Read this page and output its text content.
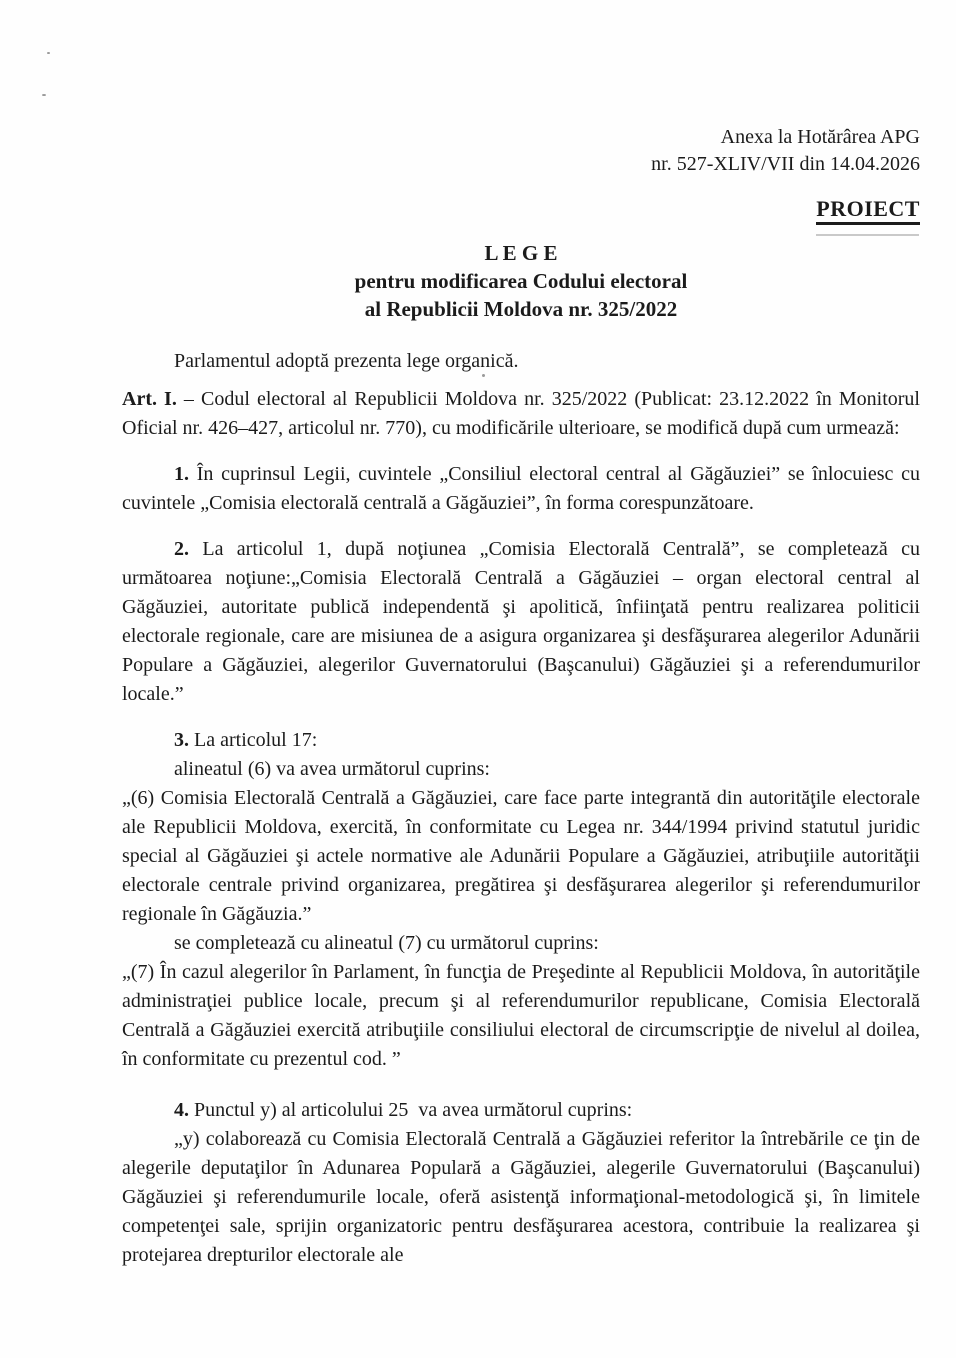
Anexa la Hotărârea APG
nr. 527-XLIV/VII din 14.04.2026
PROIECT
L E G E
pentru modificarea Codului electoral
al Republicii Moldova nr. 325/2022

Parlamentul adoptă prezenta lege organică.

Art. I. – Codul electoral al Republicii Moldova nr. 325/2022 (Publicat: 23.12.2022 în Monitorul Oficial nr. 426–427, articolul nr. 770), cu modificările ulterioare, se modifică după cum urmează:

1. În cuprinsul Legii, cuvintele „Consiliul electoral central al Găgăuziei” se înlocuiesc cu cuvintele „Comisia electorală centrală a Găgăuziei”, în forma corespunzătoare.

2. La articolul 1, după noţiunea „Comisia Electorală Centrală”, se completează cu următoarea noţiune:„Comisia Electorală Centrală a Găgăuziei – organ electoral central al Găgăuziei, autoritate publică independentă şi apolitică, înfiinţată pentru realizarea politicii electorale regionale, care are misiunea de a asigura organizarea şi desfăşurarea alegerilor Adunării Populare a Găgăuziei, alegerilor Guvernatorului (Başcanului) Găgăuziei şi a referendumurilor locale.”

3. La articolul 17:

alineatul (6) va avea următorul cuprins:

„(6) Comisia Electorală Centrală a Găgăuziei, care face parte integrantă din autorităţile electorale ale Republicii Moldova, exercită, în conformitate cu Legea nr. 344/1994 privind statutul juridic special al Găgăuziei şi actele normative ale Adunării Populare a Găgăuziei, atribuţiile autorităţii electorale centrale privind organizarea, pregătirea şi desfăşurarea alegerilor şi referendumurilor regionale în Găgăuzia.”

se completează cu alineatul (7) cu următorul cuprins:

„(7) În cazul alegerilor în Parlament, în funcţia de Preşedinte al Republicii Moldova, în autorităţile administraţiei publice locale, precum şi al referendumurilor republicane, Comisia Electorală Centrală a Găgăuziei exercită atribuţiile consiliului electoral de circumscripţie de nivelul al doilea, în conformitate cu prezentul cod. ”

4. Punctul y) al articolului 25  va avea următorul cuprins:

„y) colaborează cu Comisia Electorală Centrală a Găgăuziei referitor la întrebările ce ţin de alegerile deputaţilor în Adunarea Populară a Găgăuziei, alegerile Guvernatorului (Başcanului) Găgăuziei şi referendumurile locale, oferă asistenţă informaţional-metodologică şi, în limitele competenţei sale, sprijin organizatoric pentru desfăşurarea acestora, contribuie la realizarea şi protejarea drepturilor electorale ale
